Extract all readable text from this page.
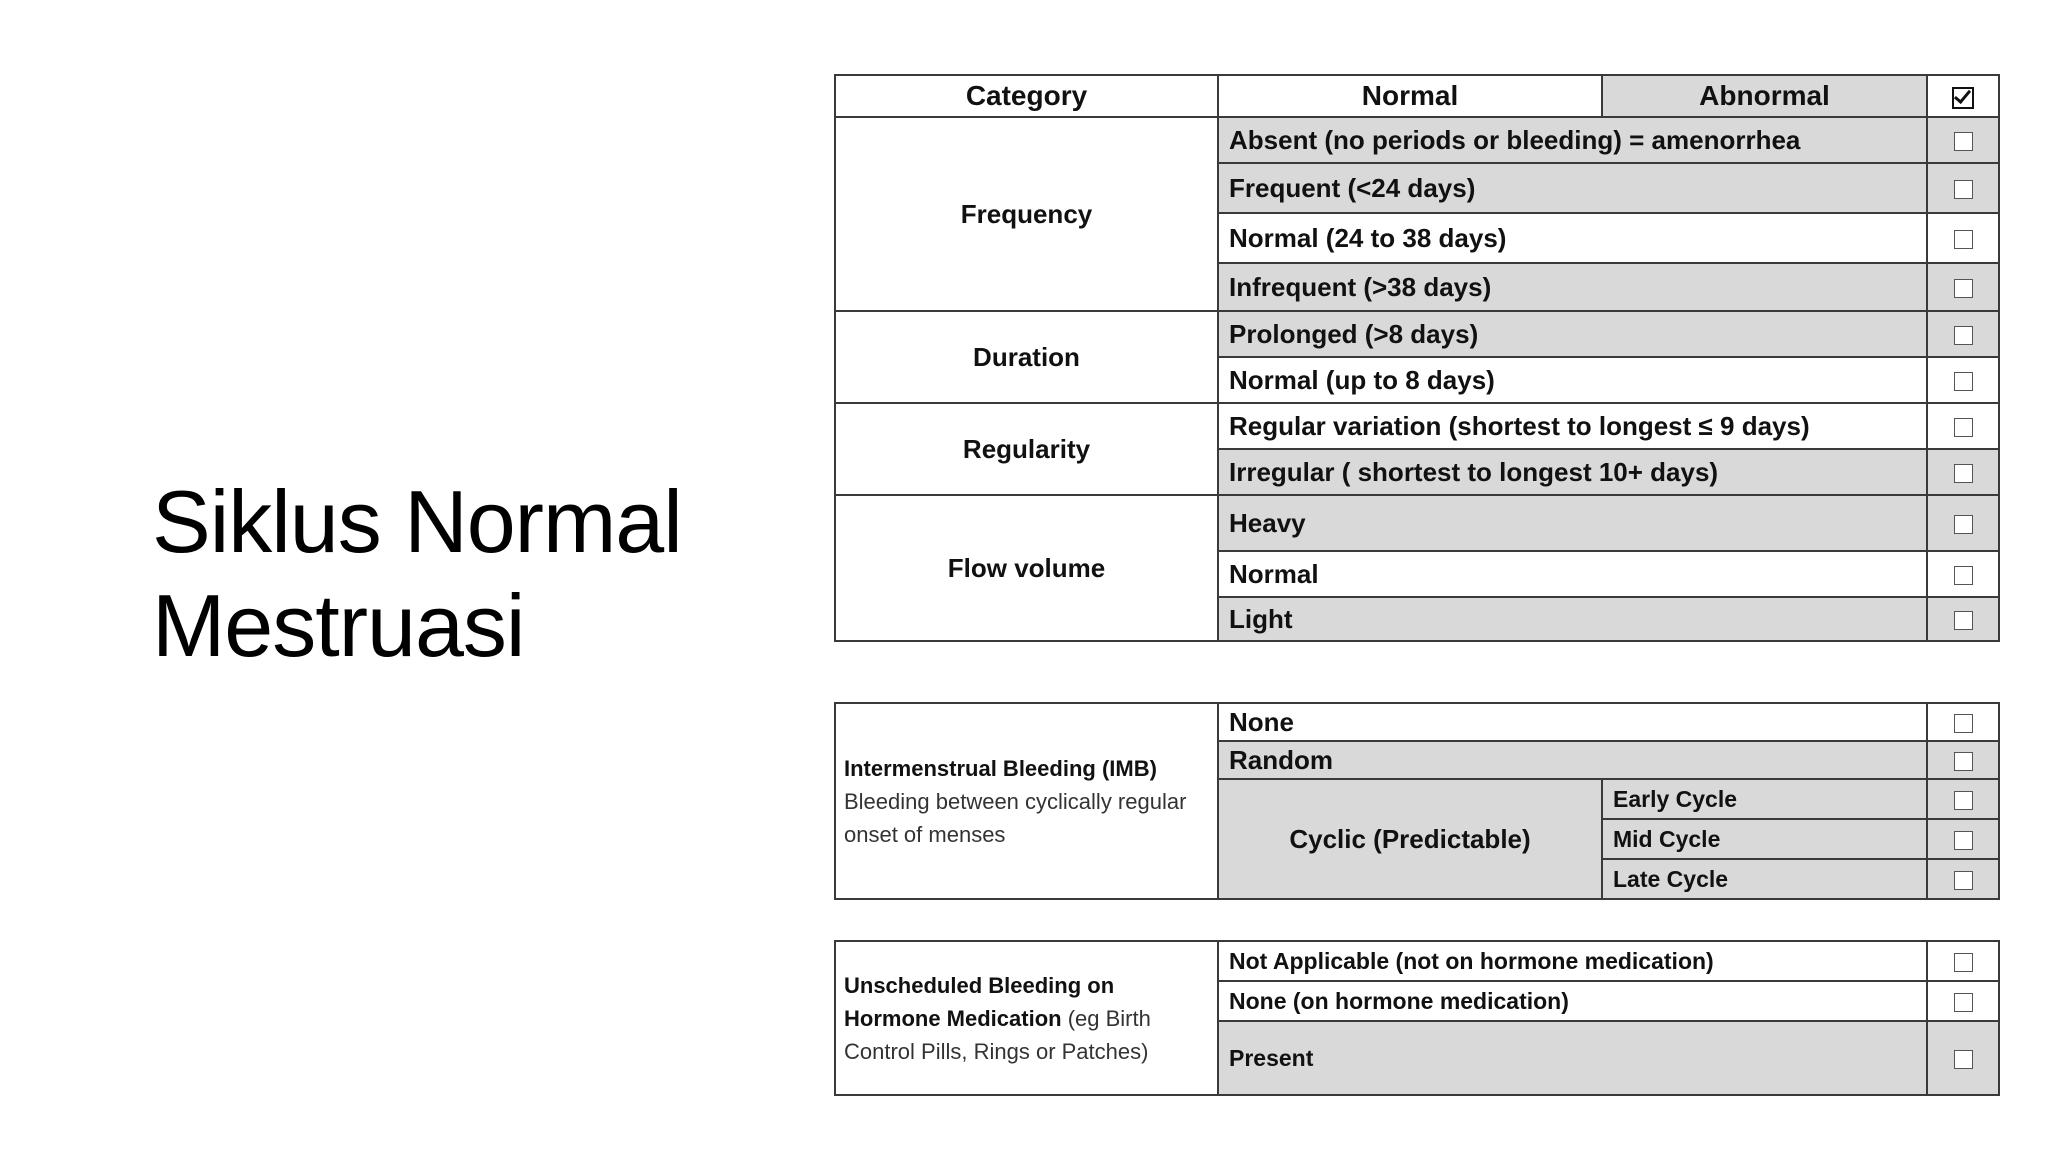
Siklus Normal
Mestruasi
Category	Normal	Abnormal	
Frequency	Absent (no periods or bleeding) = amenorrhea		
	Frequent (<24 days)		
	Normal (24 to 38 days)		
	Infrequent (>38 days)		
Duration	Prolonged (>8 days)		
	Normal (up to 8 days)		
Regularity	Regular variation (shortest to longest ≤ 9 days)		
	Irregular ( shortest to longest 10+ days)		
Flow volume	Heavy		
	Normal		
	Light		
Intermenstrual Bleeding (IMB)
Bleeding between cyclically regular onset of menses	None		
	Random		
	Cyclic (Predictable)	Early Cycle	
		Mid Cycle	
		Late Cycle	
Unscheduled Bleeding on Hormone Medication (eg Birth Control Pills, Rings or Patches)	Not Applicable (not on hormone medication)	
	None (on hormone medication)	
	Present	
